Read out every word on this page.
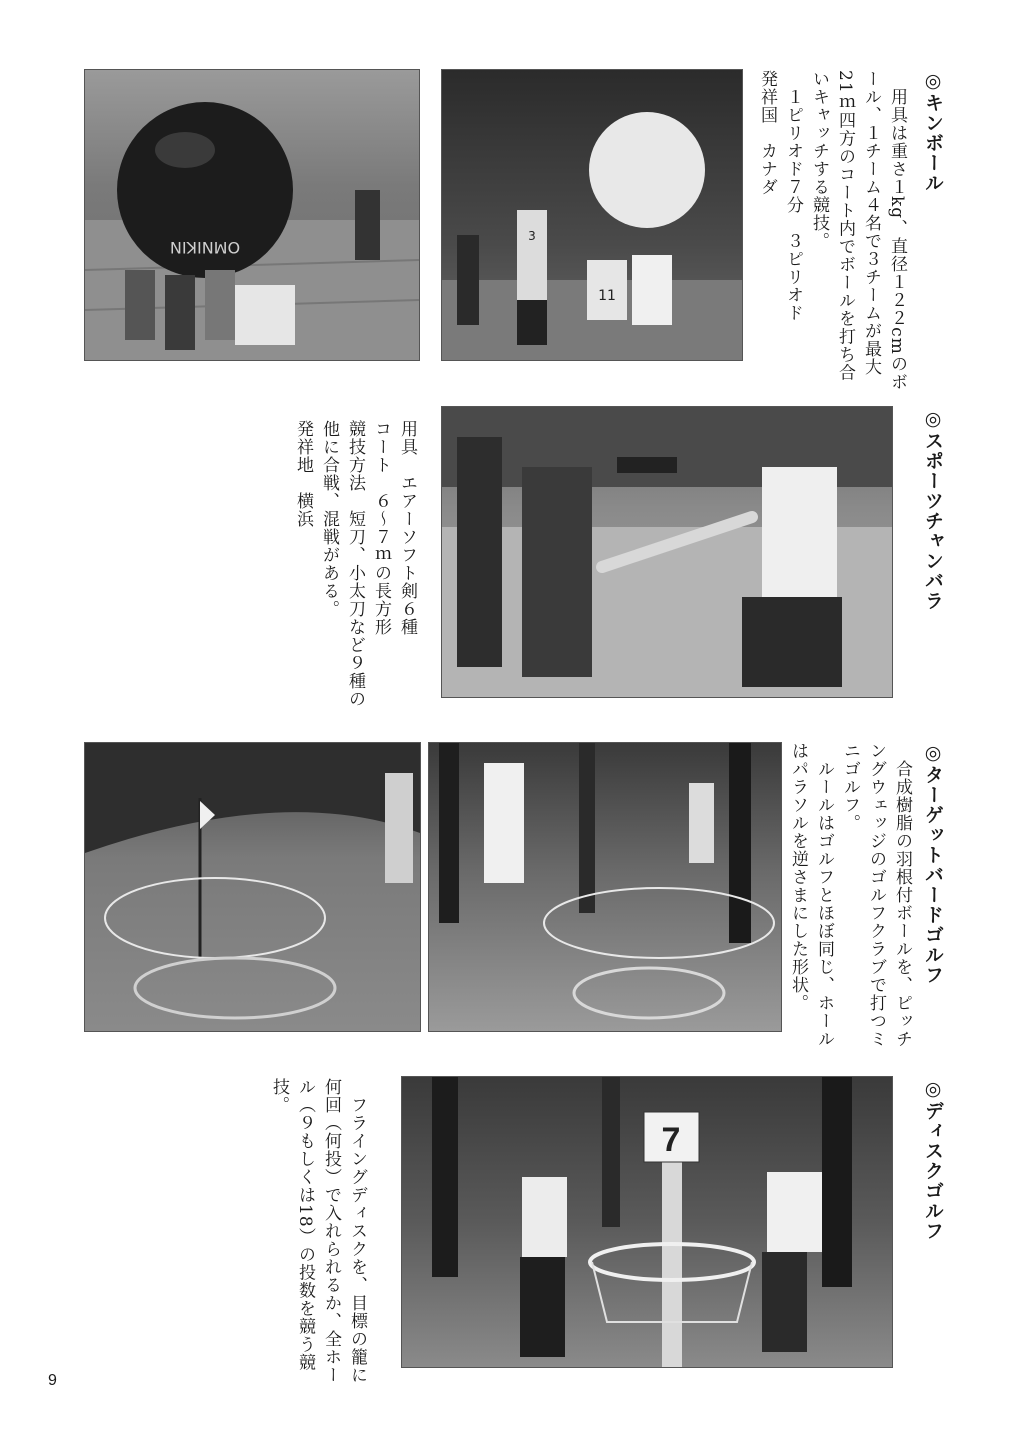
◎キンボール
　用具は重さ１kg、直径１２２cmのボ
ール、１チーム４名で３チームが最大
21ｍ四方のコート内でボールを打ち合
いキャッチする競技。
　１ピリオド７分　３ピリオド
発祥国　カナダ
OMNIKIN
3
11
◎スポーツチャンバラ
用具　エアーソフト剣６種
コート　６～７ｍの長方形
競技方法　短刀、小太刀など９種の
他に合戦、混戦がある。
発祥地　横浜
◎ターゲットバードゴルフ
　合成樹脂の羽根付ボールを、ピッチ
ングウェッジのゴルフクラブで打つミ
ニゴルフ。
　ルールはゴルフとほぼ同じ、ホール
はパラソルを逆さまにした形状。
◎ディスクゴルフ
7
　フライングディスクを、目標の籠に
何回（何投）で入れられるか、全ホー
ル（９もしくは18）の投数を競う競
技。
9
